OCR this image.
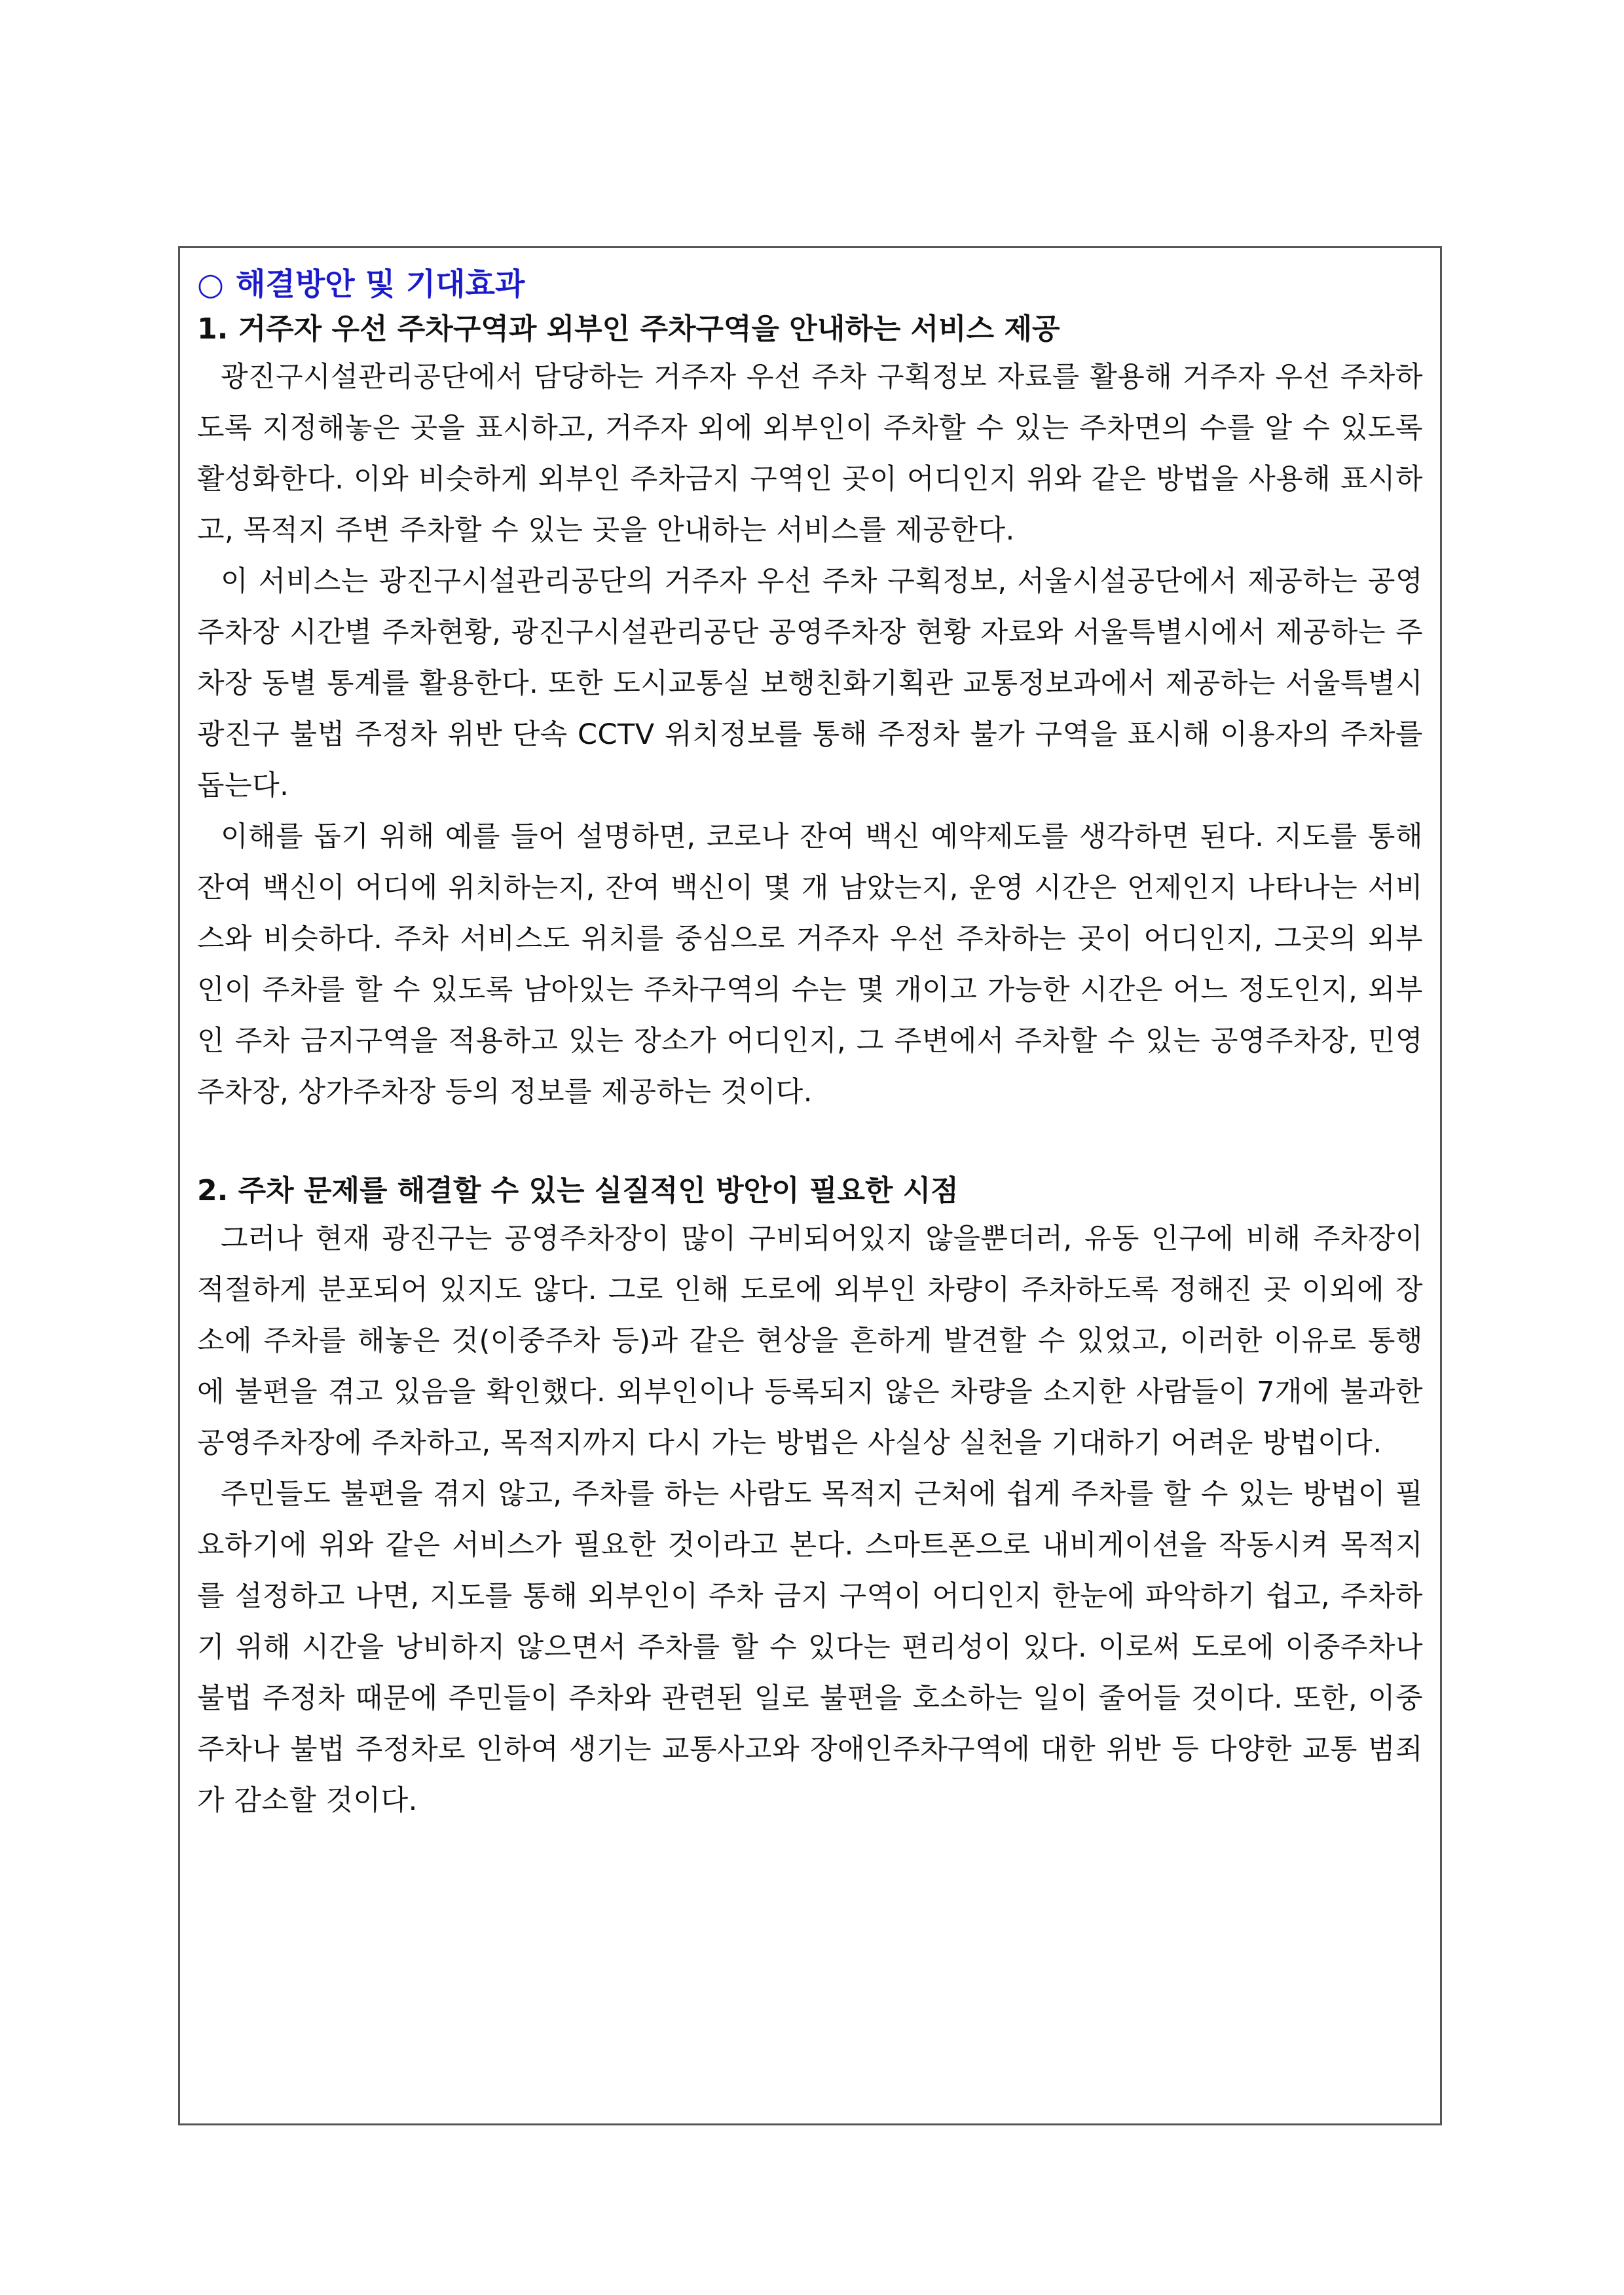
○ 해결방안 및 기대효과
1. 거주자 우선 주차구역과 외부인 주차구역을 안내하는 서비스 제공

광진구시설관리공단에서 담당하는 거주자 우선 주차 구획정보 자료를 활용해 거주자 우선 주차하도록 지정해놓은 곳을 표시하고, 거주자 외에 외부인이 주차할 수 있는 주차면의 수를 알 수 있도록 활성화한다. 이와 비슷하게 외부인 주차금지 구역인 곳이 어디인지 위와 같은 방법을 사용해 표시하고, 목적지 주변 주차할 수 있는 곳을 안내하는 서비스를 제공한다.

이 서비스는 광진구시설관리공단의 거주자 우선 주차 구획정보, 서울시설공단에서 제공하는 공영주차장 시간별 주차현황, 광진구시설관리공단 공영주차장 현황 자료와 서울특별시에서 제공하는 주차장 동별 통계를 활용한다. 또한 도시교통실 보행친화기획관 교통정보과에서 제공하는 서울특별시 광진구 불법 주정차 위반 단속 CCTV 위치정보를 통해 주정차 불가 구역을 표시해 이용자의 주차를 돕는다.

이해를 돕기 위해 예를 들어 설명하면, 코로나 잔여 백신 예약제도를 생각하면 된다. 지도를 통해 잔여 백신이 어디에 위치하는지, 잔여 백신이 몇 개 남았는지, 운영 시간은 언제인지 나타나는 서비스와 비슷하다. 주차 서비스도 위치를 중심으로 거주자 우선 주차하는 곳이 어디인지, 그곳의 외부인이 주차를 할 수 있도록 남아있는 주차구역의 수는 몇 개이고 가능한 시간은 어느 정도인지, 외부인 주차 금지구역을 적용하고 있는 장소가 어디인지, 그 주변에서 주차할 수 있는 공영주차장, 민영주차장, 상가주차장 등의 정보를 제공하는 것이다.

2. 주차 문제를 해결할 수 있는 실질적인 방안이 필요한 시점

그러나 현재 광진구는 공영주차장이 많이 구비되어있지 않을뿐더러, 유동 인구에 비해 주차장이 적절하게 분포되어 있지도 않다. 그로 인해 도로에 외부인 차량이 주차하도록 정해진 곳 이외에 장소에 주차를 해놓은 것(이중주차 등)과 같은 현상을 흔하게 발견할 수 있었고, 이러한 이유로 통행에 불편을 겪고 있음을 확인했다. 외부인이나 등록되지 않은 차량을 소지한 사람들이 7개에 불과한 공영주차장에 주차하고, 목적지까지 다시 가는 방법은 사실상 실천을 기대하기 어려운 방법이다.

주민들도 불편을 겪지 않고, 주차를 하는 사람도 목적지 근처에 쉽게 주차를 할 수 있는 방법이 필요하기에 위와 같은 서비스가 필요한 것이라고 본다. 스마트폰으로 내비게이션을 작동시켜 목적지를 설정하고 나면, 지도를 통해 외부인이 주차 금지 구역이 어디인지 한눈에 파악하기 쉽고, 주차하기 위해 시간을 낭비하지 않으면서 주차를 할 수 있다는 편리성이 있다. 이로써 도로에 이중주차나 불법 주정차 때문에 주민들이 주차와 관련된 일로 불편을 호소하는 일이 줄어들 것이다. 또한, 이중주차나 불법 주정차로 인하여 생기는 교통사고와 장애인주차구역에 대한 위반 등 다양한 교통 범죄가 감소할 것이다.
